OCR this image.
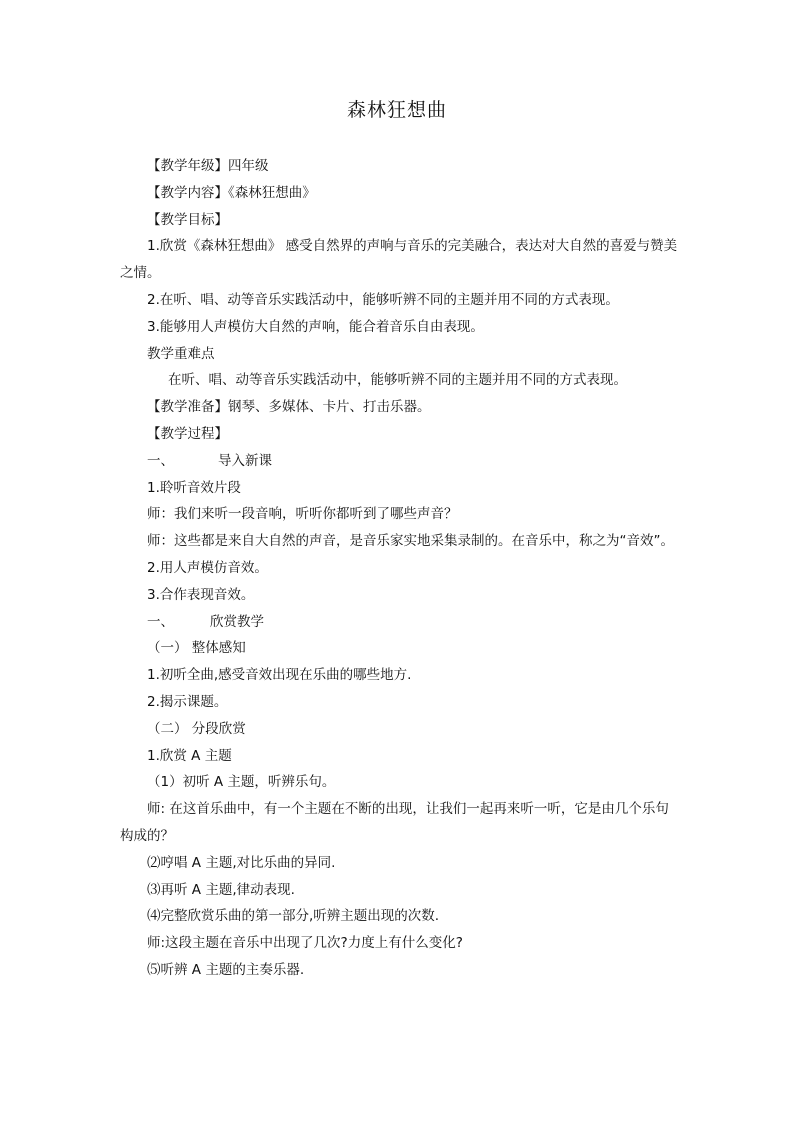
森林狂想曲

【教学年级】四年级

【教学内容】《森林狂想曲》

【教学目标】

1.欣赏《森林狂想曲》 感受自然界的声响与音乐的完美融合，表达对大自然的喜爱与赞美之情。

2.在听、唱、动等音乐实践活动中，能够听辨不同的主题并用不同的方式表现。

3.能够用人声模仿大自然的声响，能合着音乐自由表现。

教学重难点

在听、唱、动等音乐实践活动中，能够听辨不同的主题并用不同的方式表现。

【教学准备】钢琴、多媒体、卡片、打击乐器。

【教学过程】

一、	导入新课

1.聆听音效片段

师：我们来听一段音响，听听你都听到了哪些声音？

师：这些都是来自大自然的声音，是音乐家实地采集录制的。在音乐中，称之为“音效”。

2.用人声模仿音效。

3.合作表现音效。

一、	欣赏教学

（一） 整体感知

1.初听全曲,感受音效出现在乐曲的哪些地方.

2.揭示课题。

（二） 分段欣赏

1.欣赏 A 主题

（1）初听 A 主题，听辨乐句。

师: 在这首乐曲中，有一个主题在不断的出现，让我们一起再来听一听，它是由几个乐句构成的？

⑵哼唱 A 主题,对比乐曲的异同.

⑶再听 A 主题,律动表现.

⑷完整欣赏乐曲的第一部分,听辨主题出现的次数.

师:这段主题在音乐中出现了几次?力度上有什么变化?

⑸听辨 A 主题的主奏乐器.
